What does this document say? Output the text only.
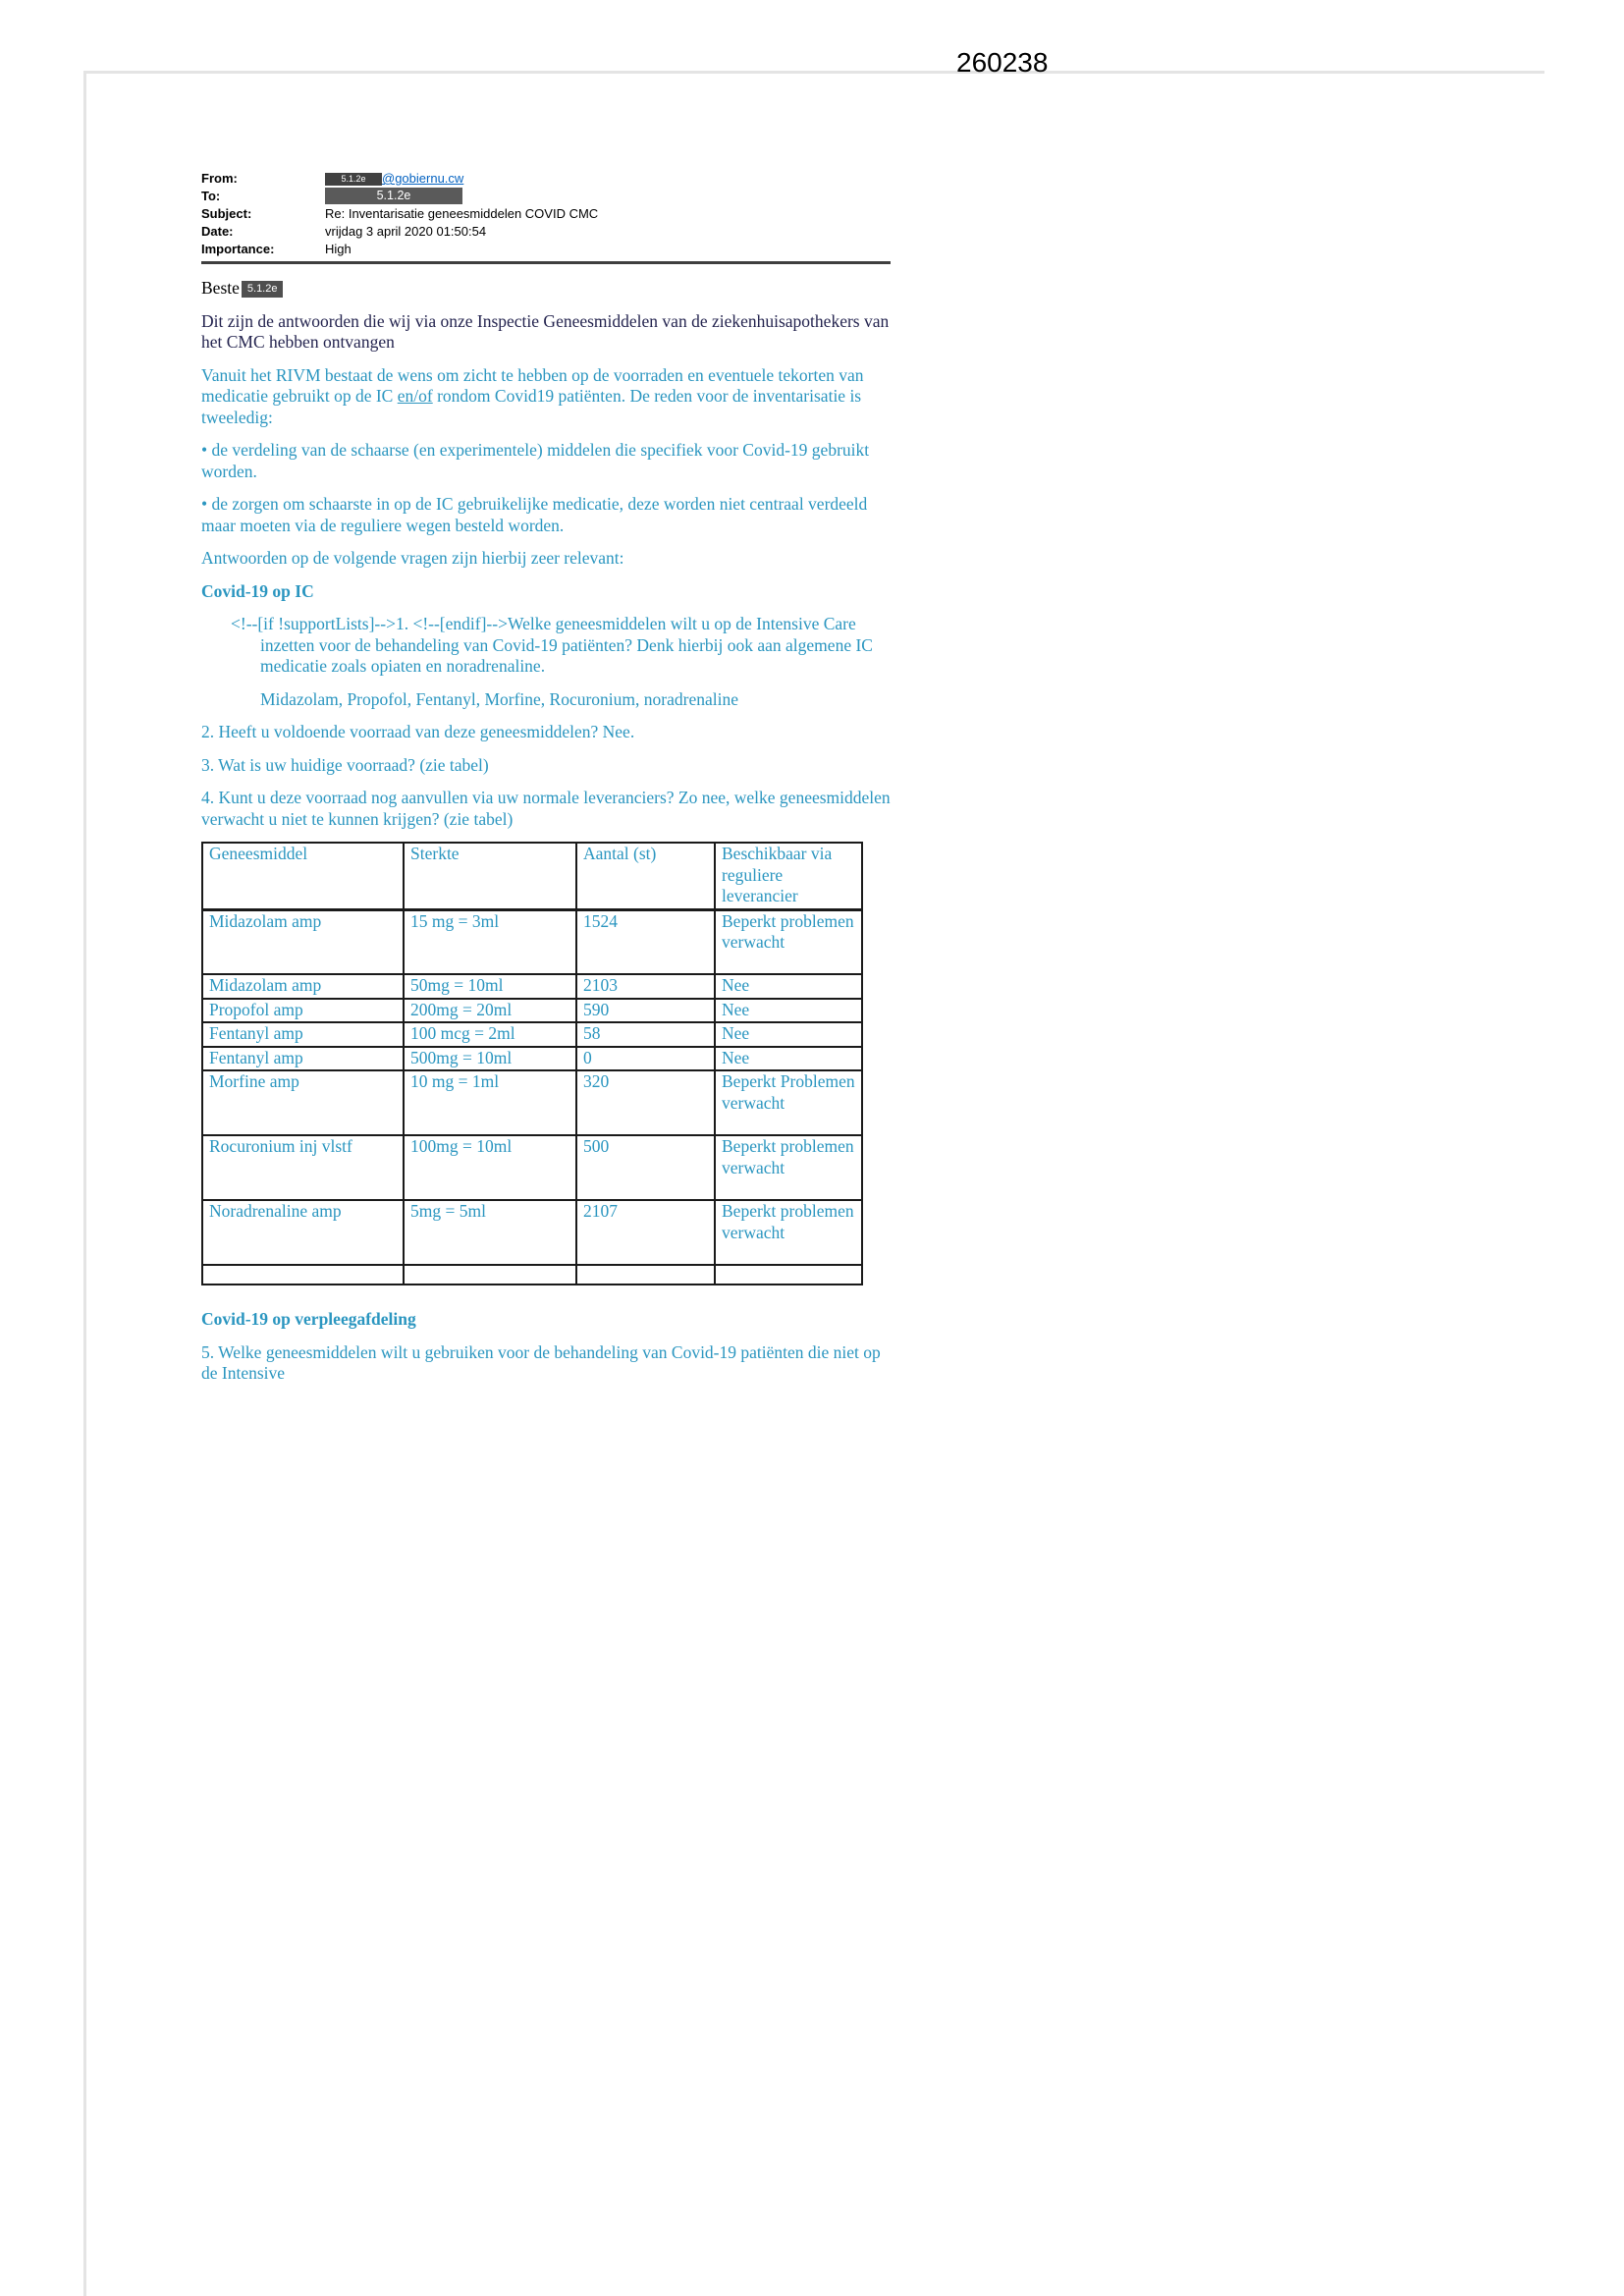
260238
From:	5.1.2e @gobiernu.cw
To:	5.1.2e
Subject:	Re: Inventarisatie geneesmiddelen COVID CMC
Date:	vrijdag 3 april 2020 01:50:54
Importance:	High

Beste 5.1.2e

Dit zijn de antwoorden die wij via onze Inspectie Geneesmiddelen van de ziekenhuisapothekers van het CMC hebben ontvangen

Vanuit het RIVM bestaat de wens om zicht te hebben op de voorraden en eventuele tekorten van medicatie gebruikt op de IC en/of rondom Covid19 patiënten. De reden voor de inventarisatie is tweeledig:

• de verdeling van de schaarse (en experimentele) middelen die specifiek voor Covid-19 gebruikt worden.

• de zorgen om schaarste in op de IC gebruikelijke medicatie, deze worden niet centraal verdeeld maar moeten via de reguliere wegen besteld worden.

Antwoorden op de volgende vragen zijn hierbij zeer relevant:

Covid-19 op IC

<!--[if !supportLists]-->1. <!--[endif]-->Welke geneesmiddelen wilt u op de Intensive Care inzetten voor de behandeling van Covid-19 patiënten? Denk hierbij ook aan algemene IC medicatie zoals opiaten en noradrenaline.

Midazolam, Propofol, Fentanyl, Morfine, Rocuronium, noradrenaline

2. Heeft u voldoende voorraad van deze geneesmiddelen? Nee.

3. Wat is uw huidige voorraad? (zie tabel)

4. Kunt u deze voorraad nog aanvullen via uw normale leveranciers? Zo nee, welke geneesmiddelen verwacht u niet te kunnen krijgen? (zie tabel)

Geneesmiddel	Sterkte	Aantal (st)	Beschikbaar via reguliere leverancier
Midazolam amp	15 mg = 3ml	1524	Beperkt problemen verwacht
Midazolam amp	50mg = 10ml	2103	Nee
Propofol amp	200mg = 20ml	590	Nee
Fentanyl amp	100 mcg = 2ml	58	Nee
Fentanyl amp	500mg = 10ml	0	Nee
Morfine amp	10 mg = 1ml	320	Beperkt Problemen verwacht
Rocuronium inj vlstf	100mg = 10ml	500	Beperkt problemen verwacht
Noradrenaline amp	5mg = 5ml	2107	Beperkt problemen verwacht

Covid-19 op verpleegafdeling

5. Welke geneesmiddelen wilt u gebruiken voor de behandeling van Covid-19 patiënten die niet op de Intensive
